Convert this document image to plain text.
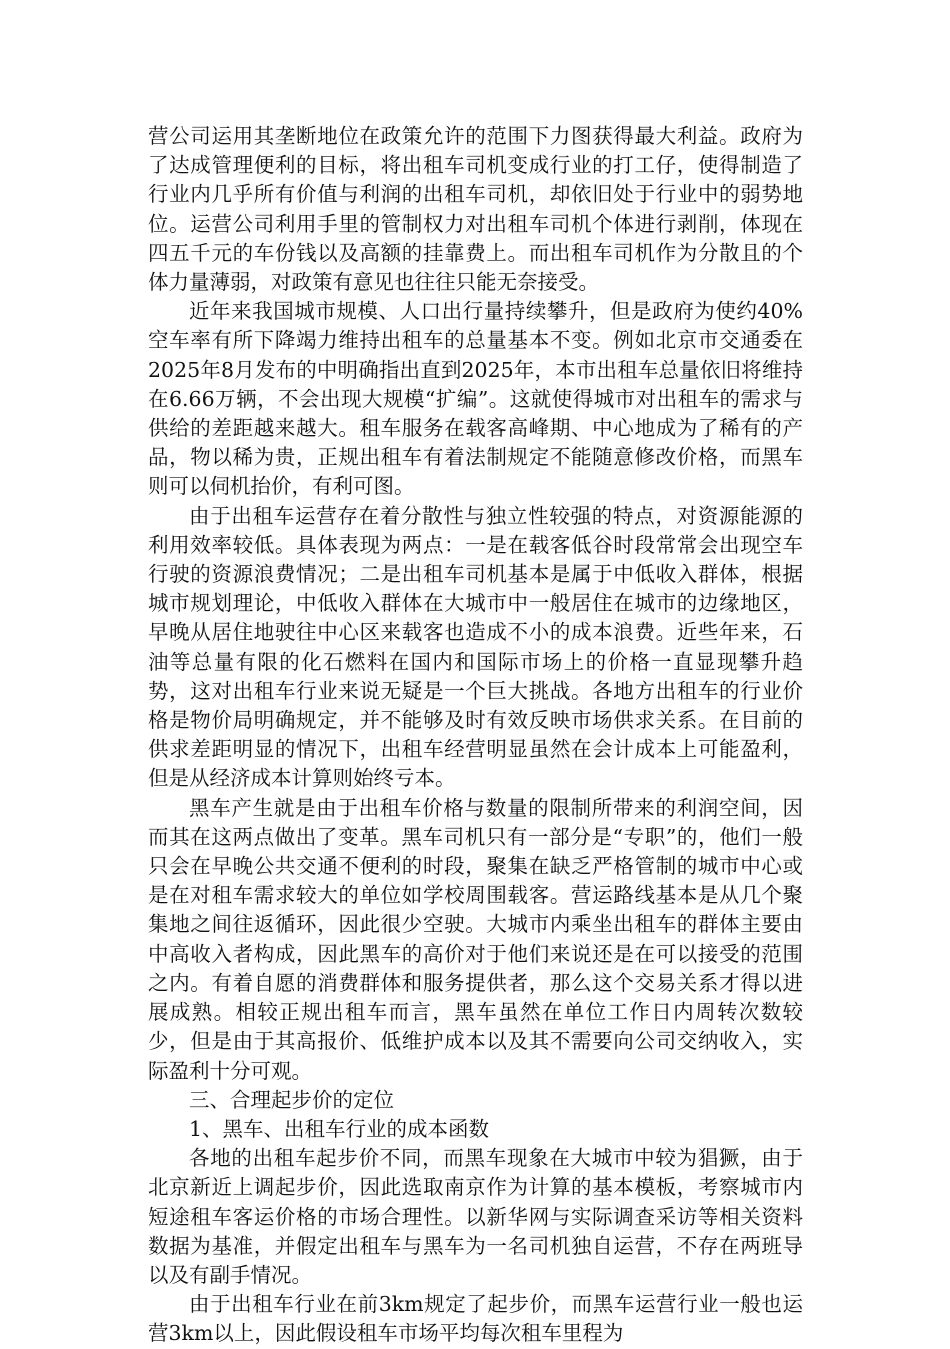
营公司运用其垄断地位在政策允许的范围下力图获得最大利益。政府为了达成管理便利的目标，将出租车司机变成行业的打工仔，使得制造了行业内几乎所有价值与利润的出租车司机，却依旧处于行业中的弱势地位。运营公司利用手里的管制权力对出租车司机个体进行剥削，体现在四五千元的车份钱以及高额的挂靠费上。而出租车司机作为分散且的个体力量薄弱，对政策有意见也往往只能无奈接受。

近年来我国城市规模、人口出行量持续攀升，但是政府为使约40%空车率有所下降竭力维持出租车的总量基本不变。例如北京市交通委在2025年8月发布的中明确指出直到2025年，本市出租车总量依旧将维持在6.66万辆，不会出现大规模“扩编”。这就使得城市对出租车的需求与供给的差距越来越大。租车服务在载客高峰期、中心地成为了稀有的产品，物以稀为贵，正规出租车有着法制规定不能随意修改价格，而黑车则可以伺机抬价，有利可图。

由于出租车运营存在着分散性与独立性较强的特点，对资源能源的利用效率较低。具体表现为两点：一是在载客低谷时段常常会出现空车行驶的资源浪费情况；二是出租车司机基本是属于中低收入群体，根据城市规划理论，中低收入群体在大城市中一般居住在城市的边缘地区，早晚从居住地驶往中心区来载客也造成不小的成本浪费。近些年来，石油等总量有限的化石燃料在国内和国际市场上的价格一直显现攀升趋势，这对出租车行业来说无疑是一个巨大挑战。各地方出租车的行业价格是物价局明确规定，并不能够及时有效反映市场供求关系。在目前的供求差距明显的情况下，出租车经营明显虽然在会计成本上可能盈利，但是从经济成本计算则始终亏本。

黑车产生就是由于出租车价格与数量的限制所带来的利润空间，因而其在这两点做出了变革。黑车司机只有一部分是“专职”的，他们一般只会在早晚公共交通不便利的时段，聚集在缺乏严格管制的城市中心或是在对租车需求较大的单位如学校周围载客。营运路线基本是从几个聚集地之间往返循环，因此很少空驶。大城市内乘坐出租车的群体主要由中高收入者构成，因此黑车的高价对于他们来说还是在可以接受的范围之内。有着自愿的消费群体和服务提供者，那么这个交易关系才得以进展成熟。相较正规出租车而言，黑车虽然在单位工作日内周转次数较少，但是由于其高报价、低维护成本以及其不需要向公司交纳收入，实际盈利十分可观。

三、合理起步价的定位

1、黑车、出租车行业的成本函数

各地的出租车起步价不同，而黑车现象在大城市中较为猖獗，由于北京新近上调起步价，因此选取南京作为计算的基本模板，考察城市内短途租车客运价格的市场合理性。以新华网与实际调查采访等相关资料数据为基准，并假定出租车与黑车为一名司机独自运营，不存在两班导以及有副手情况。

由于出租车行业在前3km规定了起步价，而黑车运营行业一般也运营3km以上，因此假设租车市场平均每次租车里程为
